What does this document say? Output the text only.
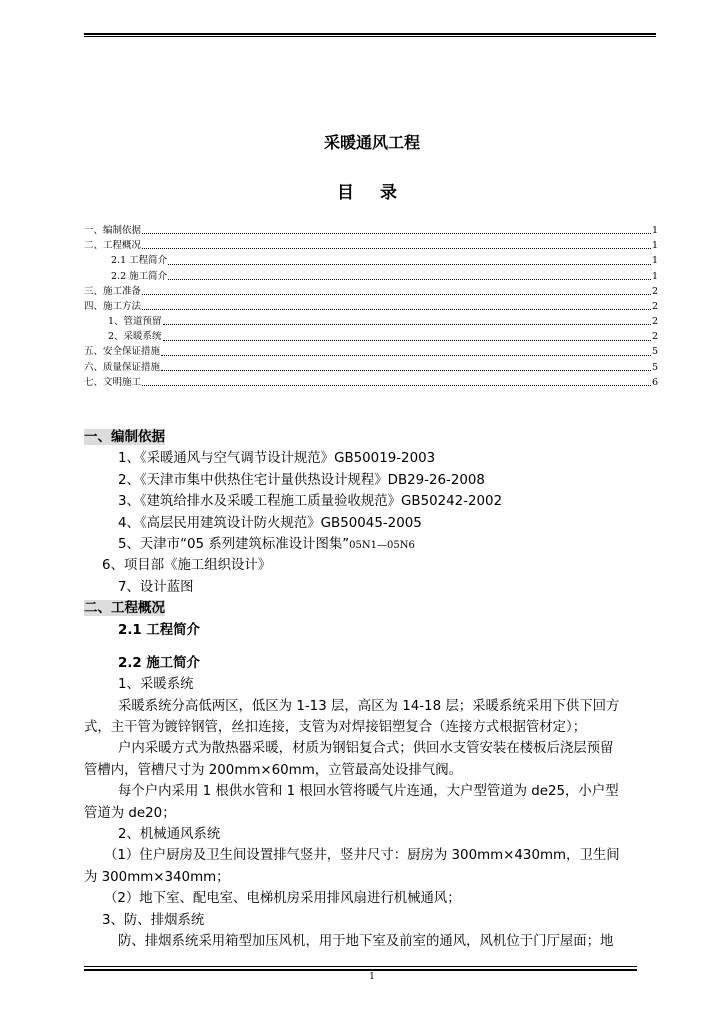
采暖通风工程
目 录
一、编制依据	1
二、工程概况	1
2.1 工程简介	1
2.2 施工简介	1
三、施工准备	2
四、施工方法	2
1、管道预留	2
2、采暖系统	2
五、安全保证措施	5
六、质量保证措施	5
七、文明施工	6
一、编制依据
1、《采暖通风与空气调节设计规范》GB50019-2003
2、《天津市集中供热住宅计量供热设计规程》DB29-26-2008
3、《建筑给排水及采暖工程施工质量验收规范》GB50242-2002
4、《高层民用建筑设计防火规范》GB50045-2005
5、天津市“05 系列建筑标准设计图集”05N1—05N6
6、项目部《施工组织设计》
7、设计蓝图
二、工程概况
2.1 工程简介
2.2 施工简介
1、采暖系统
采暖系统分高低两区，低区为 1-13 层，高区为 14-18 层；采暖系统采用下供下回方
式，主干管为镀锌钢管，丝扣连接，支管为对焊接铝塑复合（连接方式根据管材定）；
户内采暖方式为散热器采暖，材质为钢铝复合式；供回水支管安装在楼板后浇层预留
管槽内，管槽尺寸为 200mm×60mm，立管最高处设排气阀。
每个户内采用 1 根供水管和 1 根回水管将暖气片连通，大户型管道为 de25，小户型
管道为 de20；
2、机械通风系统
（1）住户厨房及卫生间设置排气竖井，竖井尺寸：厨房为 300mm×430mm，卫生间
为 300mm×340mm；
（2）地下室、配电室、电梯机房采用排风扇进行机械通风；
3、防、排烟系统
防、排烟系统采用箱型加压风机，用于地下室及前室的通风，风机位于门厅屋面；地
1
